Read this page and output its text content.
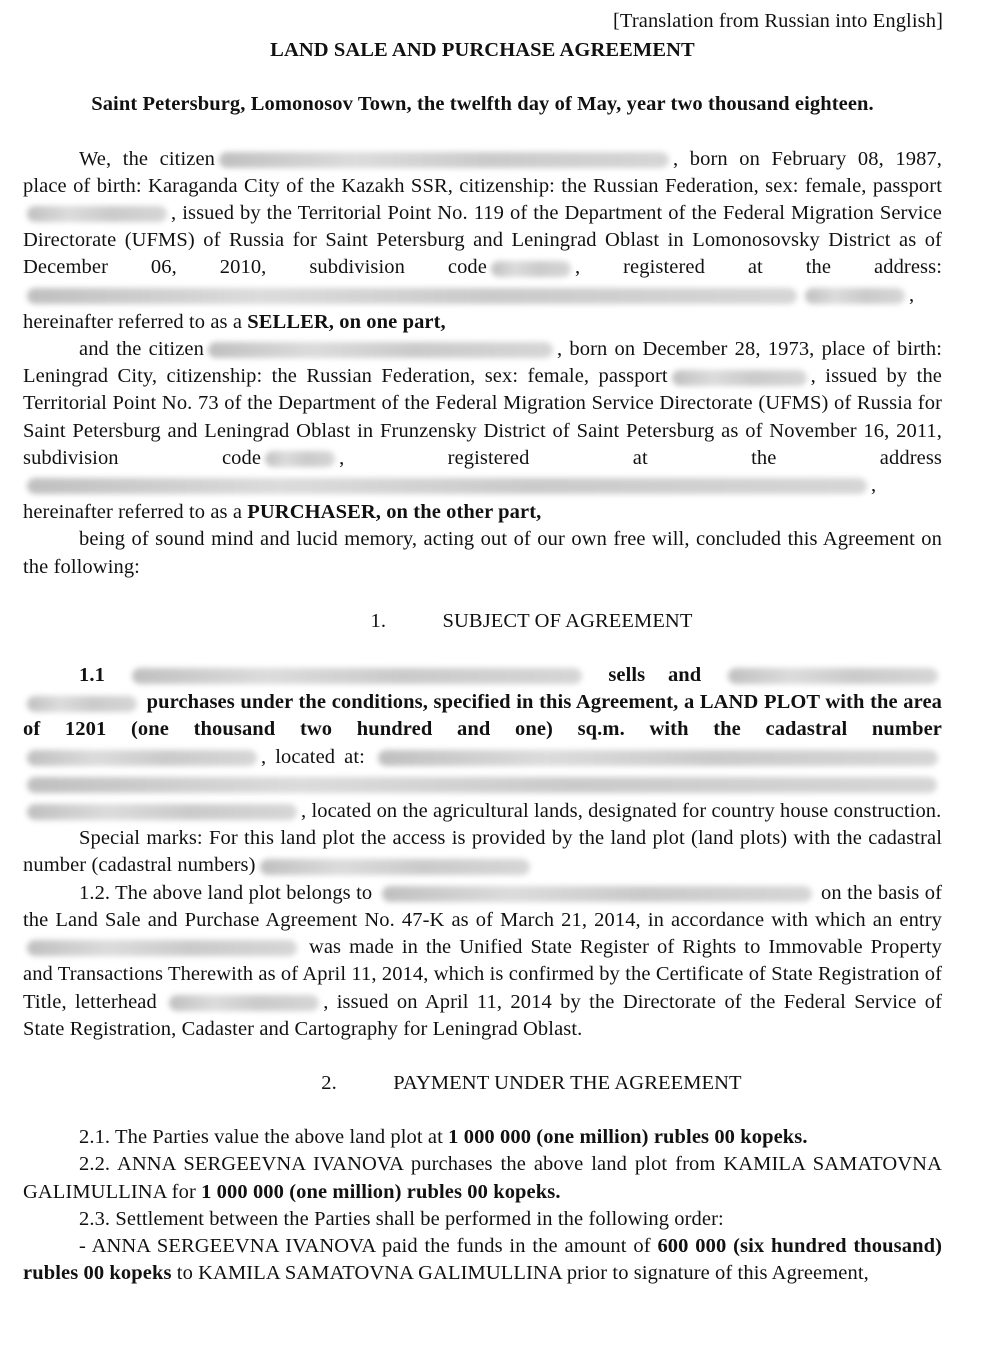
[Translation from Russian into English]
LAND SALE AND PURCHASE AGREEMENT
Saint Petersburg, Lomonosov Town, the twelfth day of May, year two thousand eighteen.

We, the citizen	, born on February 08, 1987, place of birth: Karaganda City of the Kazakh SSR, citizenship: the Russian Federation, sex: female, passport, issued by the Territorial Point No. 119 of the Department of the Federal Migration Service Directorate (UFMS) of Russia for Saint Petersburg and Leningrad Oblast in Lomonosovsky District as of December 06, 2010, subdivision code	, registered at the address:, hereinafter referred to as a SELLER, on one part,

and the citizen	, born on December 28, 1973, place of birth: Leningrad City, citizenship: the Russian Federation, sex: female, passport	, issued by the Territorial Point No. 73 of the Department of the Federal Migration Service Directorate (UFMS) of Russia for Saint Petersburg and Leningrad Oblast in Frunzensky District of Saint Petersburg as of November 16, 2011, subdivision code	, registered at the address, hereinafter referred to as a PURCHASER, on the other part,

being of sound mind and lucid memory, acting out of our own free will, concluded this Agreement on the following:

1.	SUBJECT OF AGREEMENT

1.1	sells and   purchases under the conditions, specified in this Agreement, a LAND PLOT with the area of 1201 (one thousand two hundred and one) sq.m. with the cadastral number , located at: , located on the agricultural lands, designated for country house construction.

Special marks: For this land plot the access is provided by the land plot (land plots) with the cadastral number (cadastral numbers)

1.2. The above land plot belongs to	on the basis of the Land Sale and Purchase Agreement No. 47-K as of March 21, 2014, in accordance with which an entry  was made in the Unified State Register of Rights to Immovable Property and Transactions Therewith as of April 11, 2014, which is confirmed by the Certificate of State Registration of Title, letterhead	, issued on April 11, 2014 by the Directorate of the Federal Service of State Registration, Cadaster and Cartography for Leningrad Oblast.

2.	PAYMENT UNDER THE AGREEMENT

2.1. The Parties value the above land plot at 1 000 000 (one million) rubles 00 kopeks.

2.2. ANNA SERGEEVNA IVANOVA purchases the above land plot from KAMILA SAMATOVNA GALIMULLINA for 1 000 000 (one million) rubles 00 kopeks.

2.3. Settlement between the Parties shall be performed in the following order:

- ANNA SERGEEVNA IVANOVA paid the funds in the amount of 600 000 (six hundred thousand) rubles 00 kopeks to KAMILA SAMATOVNA GALIMULLINA prior to signature of this Agreement,
